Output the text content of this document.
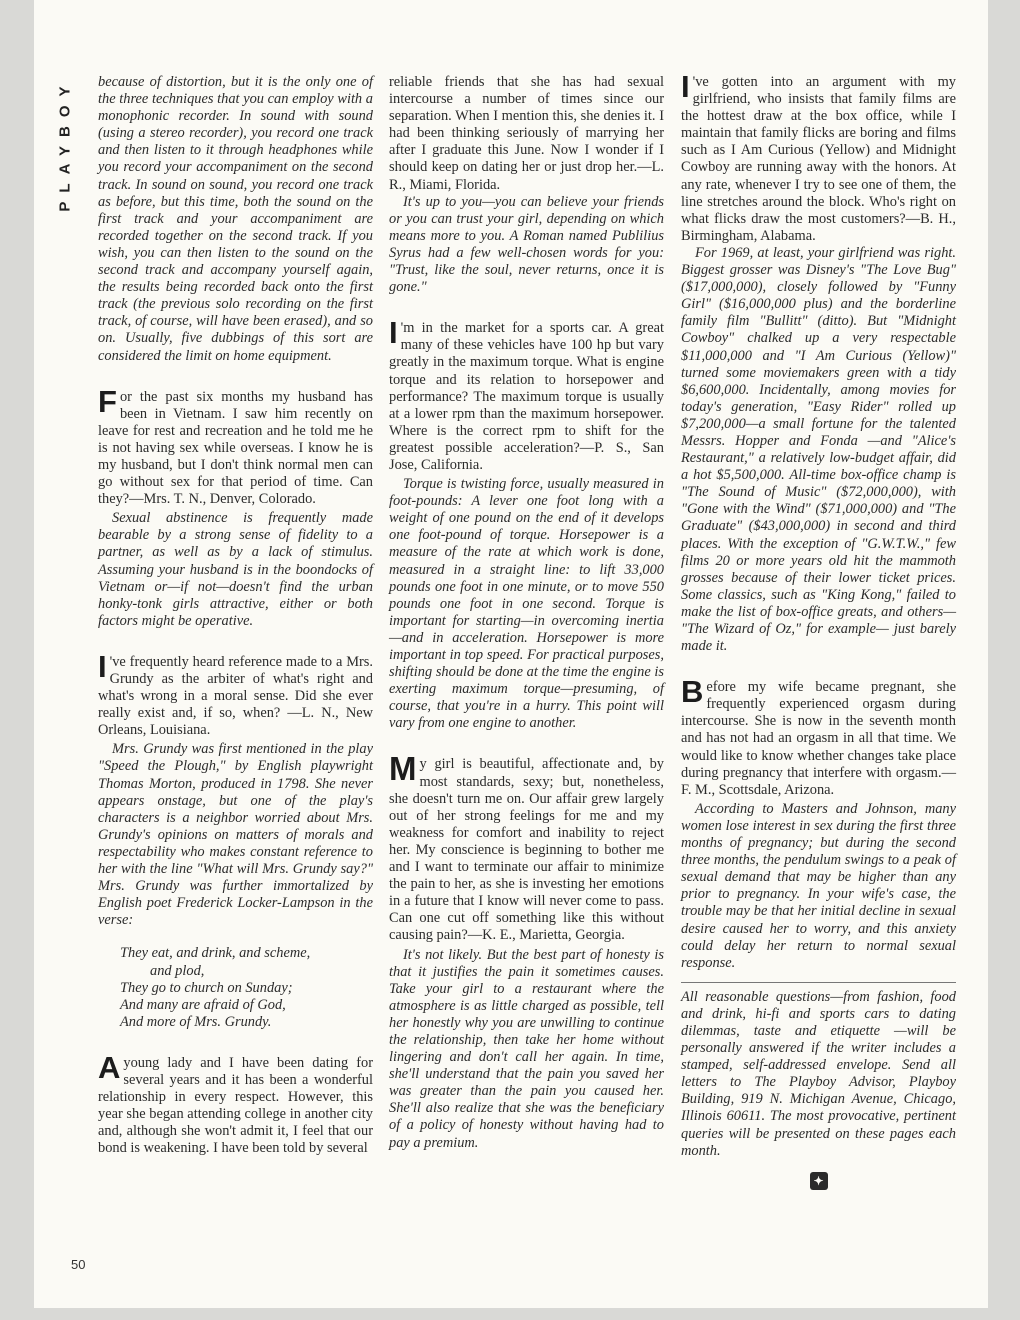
PLAYBOY
50

because of distortion, but it is the only one of the three techniques that you can employ with a monophonic recorder. In sound with sound (using a stereo recorder), you record one track and then listen to it through headphones while you record your accompaniment on the second track. In sound on sound, you record one track as before, but this time, both the sound on the first track and your accompaniment are recorded together on the second track. If you wish, you can then listen to the sound on the second track and accompany yourself again, the results being recorded back onto the first track (the previous solo recording on the first track, of course, will have been erased), and so on. Usually, five dubbings of this sort are considered the limit on home equipment.

For the past six months my husband has been in Vietnam. I saw him recently on leave for rest and recreation and he told me he is not having sex while overseas. I know he is my husband, but I don't think normal men can go without sex for that period of time. Can they?—Mrs. T. N., Denver, Colorado.

Sexual abstinence is frequently made bearable by a strong sense of fidelity to a partner, as well as by a lack of stimulus. Assuming your husband is in the boondocks of Vietnam or—if not—doesn't find the urban honky-tonk girls attractive, either or both factors might be operative.

I 've frequently heard reference made to a Mrs. Grundy as the arbiter of what's right and what's wrong in a moral sense. Did she ever really exist and, if so, when? —L. N., New Orleans, Louisiana.

Mrs. Grundy was first mentioned in the play "Speed the Plough," by English playwright Thomas Morton, produced in 1798. She never appears onstage, but one of the play's characters is a neighbor worried about Mrs. Grundy's opinions on matters of morals and respectability who makes constant reference to her with the line "What will Mrs. Grundy say?" Mrs. Grundy was further immortalized by English poet Frederick Locker-Lampson in the verse:

They eat, and drink, and scheme,
and plod,
They go to church on Sunday;
And many are afraid of God,
And more of Mrs. Grundy.

Ayoung lady and I have been dating for several years and it has been a wonderful relationship in every respect. However, this year she began attending college in another city and, although she won't admit it, I feel that our bond is weakening. I have been told by several

reliable friends that she has had sexual intercourse a number of times since our separation. When I mention this, she denies it. I had been thinking seriously of marrying her after I graduate this June. Now I wonder if I should keep on dating her or just drop her.—L. R., Miami, Florida.

It's up to you—you can believe your friends or you can trust your girl, depending on which means more to you. A Roman named Publilius Syrus had a few well-chosen words for you: "Trust, like the soul, never returns, once it is gone."

I 'm in the market for a sports car. A great many of these vehicles have 100 hp but vary greatly in the maximum torque. What is engine torque and its relation to horsepower and performance? The maximum torque is usually at a lower rpm than the maximum horsepower. Where is the correct rpm to shift for the greatest possible acceleration?—P. S., San Jose, California.

Torque is twisting force, usually measured in foot-pounds: A lever one foot long with a weight of one pound on the end of it develops one foot-pound of torque. Horsepower is a measure of the rate at which work is done, measured in a straight line: to lift 33,000 pounds one foot in one minute, or to move 550 pounds one foot in one second. Torque is important for starting—in overcoming inertia—and in acceleration. Horsepower is more important in top speed. For practical purposes, shifting should be done at the time the engine is exerting maximum torque—presuming, of course, that you're in a hurry. This point will vary from one engine to another.

My girl is beautiful, affectionate and, by most standards, sexy; but, nonetheless, she doesn't turn me on. Our affair grew largely out of her strong feelings for me and my weakness for comfort and inability to reject her. My conscience is beginning to bother me and I want to terminate our affair to minimize the pain to her, as she is investing her emotions in a future that I know will never come to pass. Can one cut off something like this without causing pain?—K. E., Marietta, Georgia.

It's not likely. But the best part of honesty is that it justifies the pain it sometimes causes. Take your girl to a restaurant where the atmosphere is as little charged as possible, tell her honestly why you are unwilling to continue the relationship, then take her home without lingering and don't call her again. In time, she'll understand that the pain you saved her was greater than the pain you caused her. She'll also realize that she was the beneficiary of a policy of honesty without having had to pay a premium.

I 've gotten into an argument with my girlfriend, who insists that family films are the hottest draw at the box office, while I maintain that family flicks are boring and films such as I Am Curious (Yellow) and Midnight Cowboy are running away with the honors. At any rate, whenever I try to see one of them, the line stretches around the block. Who's right on what flicks draw the most customers?—B. H., Birmingham, Alabama.

For 1969, at least, your girlfriend was right. Biggest grosser was Disney's "The Love Bug" ($17,000,000), closely followed by "Funny Girl" ($16,000,000 plus) and the borderline family film "Bullitt" (ditto). But "Midnight Cowboy" chalked up a very respectable $11,000,000 and "I Am Curious (Yellow)" turned some moviemakers green with a tidy $6,600,000. Incidentally, among movies for today's generation, "Easy Rider" rolled up $7,200,000—a small fortune for the talented Messrs. Hopper and Fonda —and "Alice's Restaurant," a relatively low-budget affair, did a hot $5,500,000. All-time box-office champ is "The Sound of Music" ($72,000,000), with "Gone with the Wind" ($71,000,000) and "The Graduate" ($43,000,000) in second and third places. With the exception of "G.W.T.W.," few films 20 or more years old hit the mammoth grosses because of their lower ticket prices. Some classics, such as "King Kong," failed to make the list of box-office greats, and others— "The Wizard of Oz," for example— just barely made it.

Before my wife became pregnant, she frequently experienced orgasm during intercourse. She is now in the seventh month and has not had an orgasm in all that time. We would like to know whether changes take place during pregnancy that interfere with orgasm.—F. M., Scottsdale, Arizona.

According to Masters and Johnson, many women lose interest in sex during the first three months of pregnancy; but during the second three months, the pendulum swings to a peak of sexual demand that may be higher than any prior to pregnancy. In your wife's case, the trouble may be that her initial decline in sexual desire caused her to worry, and this anxiety could delay her return to normal sexual response.

All reasonable questions—from fashion, food and drink, hi-fi and sports cars to dating dilemmas, taste and etiquette —will be personally answered if the writer includes a stamped, self-addressed envelope. Send all letters to The Playboy Advisor, Playboy Building, 919 N. Michigan Avenue, Chicago, Illinois 60611. The most provocative, pertinent queries will be presented on these pages each month.

✦
